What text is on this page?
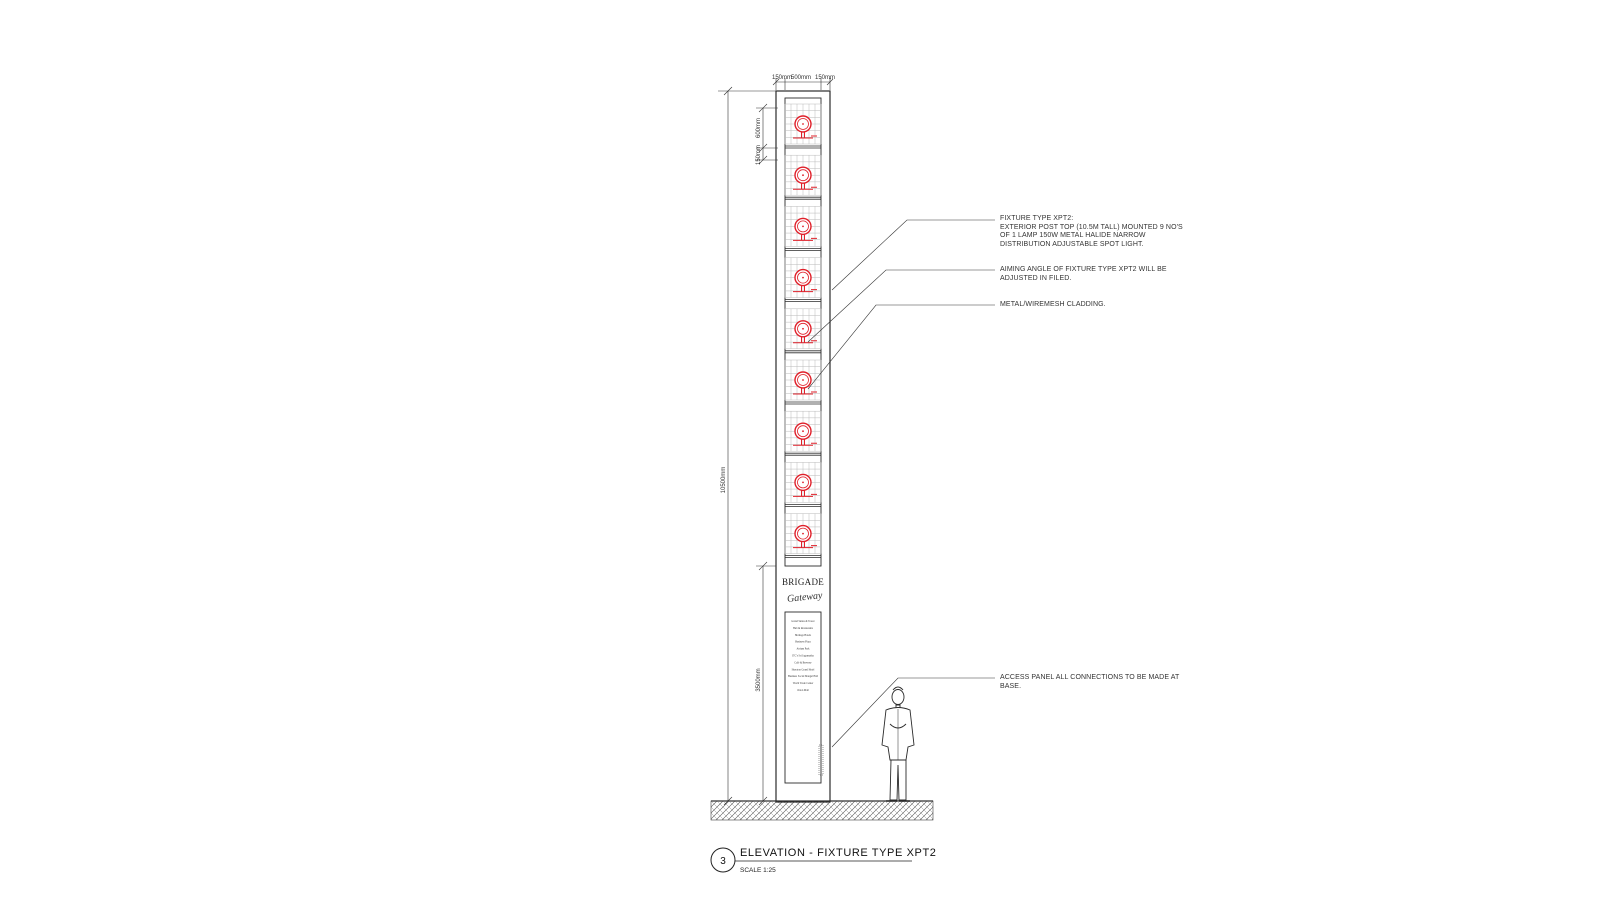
BRIGADE
Gateway
Grand Suites & Tower
Hub & Restaurants
Heritage Hotels
Business Plaza
Atrium Park
ITC's Sri Jagannatha
Café & Brewery
Sheraton Grand Hotel
Business Social Mangal Hall
World Trade Center
Orion Mall
150mm
500mm 150mm
10500mm
3500mm
600mm
150mm
3
FIXTURE TYPE XPT2:
EXTERIOR POST TOP (10.5M TALL) MOUNTED 9 NO'S
OF 1 LAMP 150W METAL HALIDE NARROW
DISTRIBUTION ADJUSTABLE SPOT LIGHT.
AIMING ANGLE OF FIXTURE TYPE XPT2 WILL BE
ADJUSTED IN FILED.
METAL/WIREMESH CLADDING.
ACCESS PANEL ALL CONNECTIONS TO BE MADE AT
BASE.
ELEVATION - FIXTURE TYPE XPT2
SCALE 1:25
